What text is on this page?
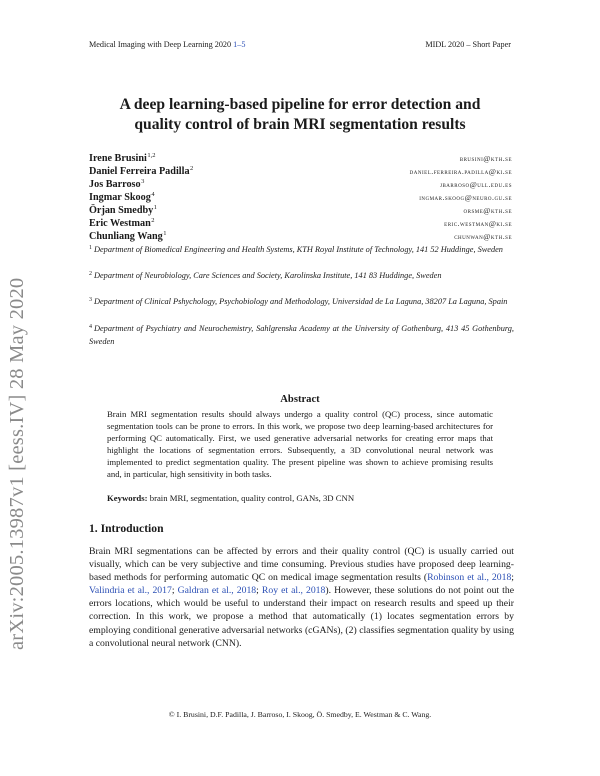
Medical Imaging with Deep Learning 2020 1–5	MIDL 2020 – Short Paper
arXiv:2005.13987v1 [eess.IV] 28 May 2020
A deep learning-based pipeline for error detection and
quality control of brain MRI segmentation results
Irene Brusini$^{1,2}$	brusini@kth.se
Daniel Ferreira Padilla$^2$	daniel.ferreira.padilla@ki.se
Jos Barroso$^3$	jbarroso@ull.edu.es
Ingmar Skoog$^4$	ingmar.skoog@neuro.gu.se
Örjan Smedby$^1$	orsme@kth.se
Eric Westman$^2$	eric.westman@ki.se
Chunliang Wang$^1$	chunwan@kth.se
$^1$ Department of Biomedical Engineering and Health Systems, KTH Royal Institute of Technology, 141 52 Huddinge, Sweden
$^2$ Department of Neurobiology, Care Sciences and Society, Karolinska Institute, 141 83 Huddinge, Sweden
$^3$ Department of Clinical Pshychology, Psychobiology and Methodology, Universidad de La Laguna, 38207 La Laguna, Spain
$^4$ Department of Psychiatry and Neurochemistry, Sahlgrenska Academy at the University of Gothenburg, 413 45 Gothenburg, Sweden
Abstract
Brain MRI segmentation results should always undergo a quality control (QC) process, since automatic segmentation tools can be prone to errors. In this work, we propose two deep learning-based architectures for performing QC automatically. First, we used generative adversarial networks for creating error maps that highlight the locations of segmentation errors. Subsequently, a 3D convolutional neural network was implemented to predict segmentation quality. The present pipeline was shown to achieve promising results and, in particular, high sensitivity in both tasks.
Keywords: brain MRI, segmentation, quality control, GANs, 3D CNN
1. Introduction
Brain MRI segmentations can be affected by errors and their quality control (QC) is usually carried out visually, which can be very subjective and time consuming. Previous studies have proposed deep learning-based methods for performing automatic QC on medical image segmentation results (Robinson et al., 2018; Valindria et al., 2017; Galdran et al., 2018; Roy et al., 2018). However, these solutions do not point out the errors locations, which would be useful to understand their impact on research results and speed up their correction. In this work, we propose a method that automatically (1) locates segmentation errors by employing conditional generative adversarial networks (cGANs), (2) classifies segmentation quality by using a convolutional neural network (CNN).
© I. Brusini, D.F. Padilla, J. Barroso, I. Skoog, Ö. Smedby, E. Westman & C. Wang.
